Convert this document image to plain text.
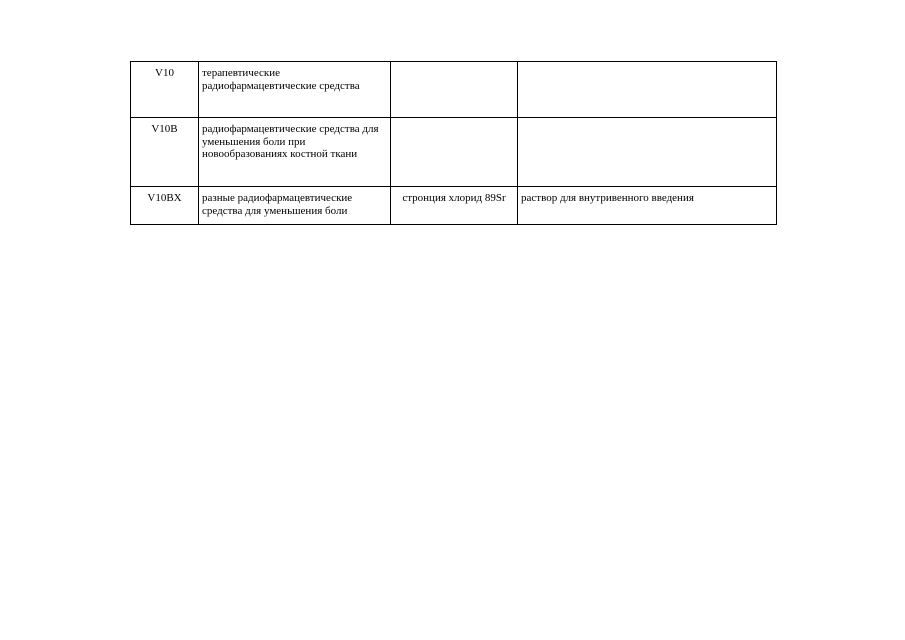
V10	терапевтические радиофармацевтические средства		
V10B	радиофармацевтические средства для уменьшения боли при новообразованиях костной ткани		
V10BX	разные радиофармацевтические средства для уменьшения боли	стронция хлорид 89Sr	раствор для внутривенного введения
